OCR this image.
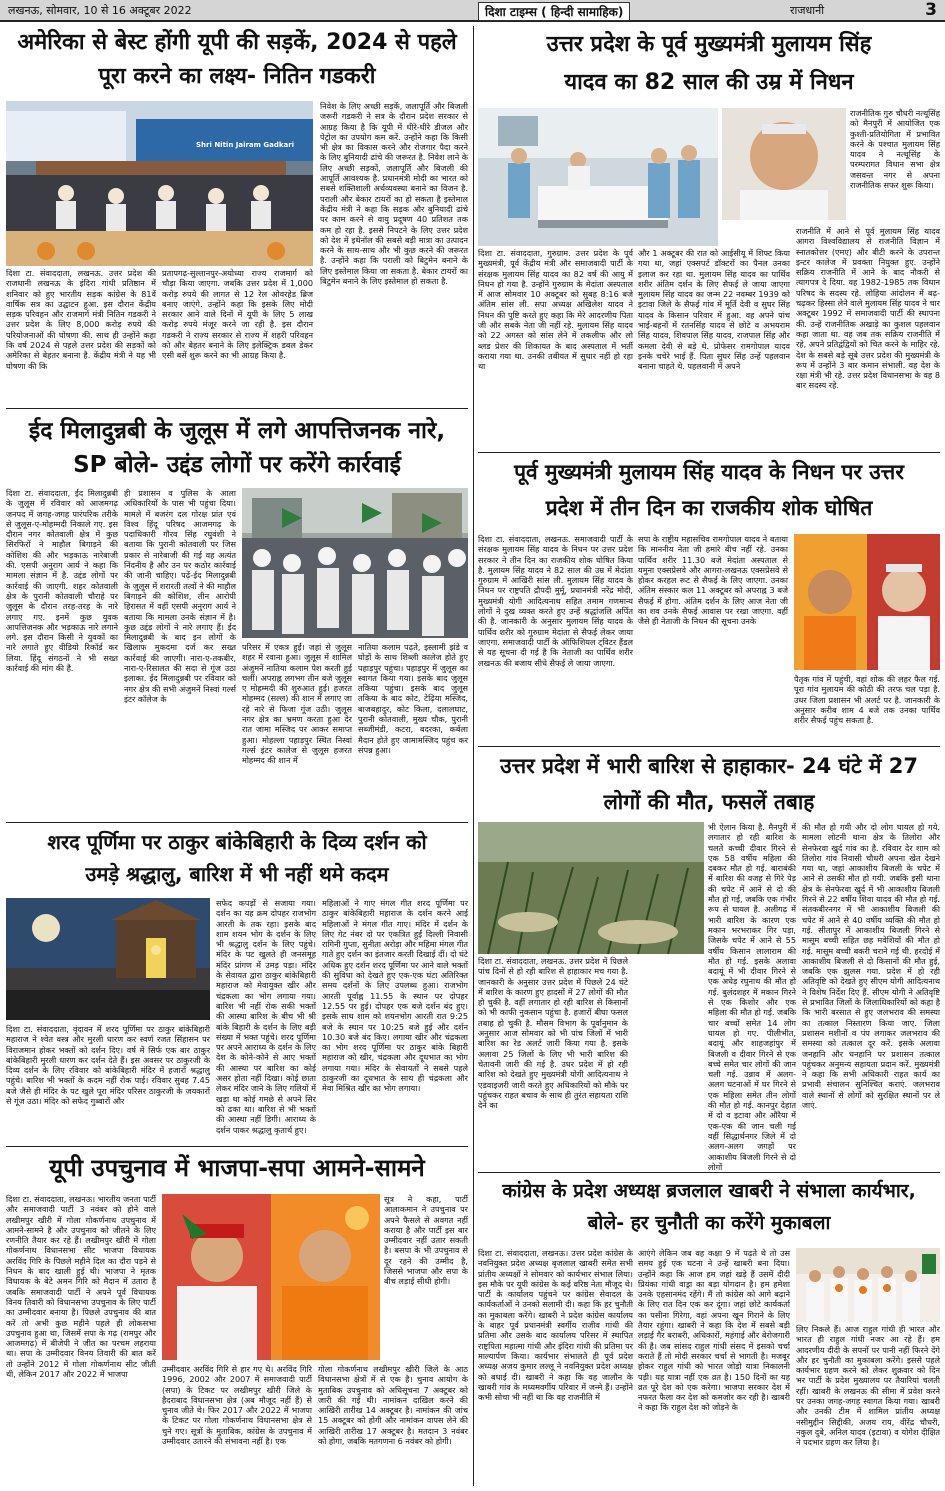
लखनऊ, सोमवार, 10 से 16 अक्टूबर 2022	दिशा टाइम्स ( हिन्दी सामाहिक)	राजधानी	3
अमेरिका से बेस्ट होंगी यूपी की सड़कें, 2024 से पहले
पूरा करने का लक्ष्य- नितिन गडकरी
Shri Nitin Jairam Gadkari
दिशा टा. संवाददाता, लखनऊ. उत्तर प्रदेश की राजधानी लखनऊ के इंदिरा गांधी प्रतिष्ठान में शनिवार को हुए भारतीय सड़क कांग्रेस के 81वें वार्षिक सत्र का उद्घाटन हुआ. इस दौरान केंद्रीय सड़क परिवहन और राजमार्ग मंत्री नितिन गडकरी ने उत्तर प्रदेश के लिए 8,000 करोड़ रुपये की परियोजनाओं की घोषणा की. साथ ही उन्होंने कहा कि वर्ष 2024 से पहले उत्तर प्रदेश की सड़कों को अमेरिका से बेहतर बनाना है. केंद्रीय मंत्री ने यह भी घोषणा की कि
प्रतापगढ़-सुल्तानपुर-अयोध्या राज्य राजमार्ग को चौड़ा किया जाएगा. जबकि उत्तर प्रदेश में 1,000 करोड़ रुपये की लागत से 12 रेल ओवरहेड ब्रिज बनाए जाएंगे. उन्होंने कहा कि इसके लिए मोदी सरकार आने वाले दिनों में यूपी के लिए 5 लाख करोड़ रुपये मंजूर करने जा रही है. इस दौरान गडकरी ने राज्य सरकार से राज्य में शहरी परिवहन को और बेहतर बनाने के लिए इलेक्ट्रिक डबल डेकर एसी बसें शुरू करने का भी आग्रह किया है.
निवेश के लिए अच्छी सड़कें, जलापूर्ति और बिजली जरूरी गडकरी ने सत्र के दौरान प्रदेश सरकार से आग्रह किया है कि यूपी में धीरे-धीरे डीजल और पेट्रोल का उपयोग कम करें. उन्होंने कहा कि किसी भी क्षेत्र का विकास करने और रोजगार पैदा करने के लिए बुनियादी ढांचे की जरूरत है. निवेश लाने के लिए अच्छी सड़कों, जलापूर्ति और बिजली की आपूर्ति आवश्यक है. प्रधानमंत्री मोदी का भारत को सबसे शक्तिशाली अर्थव्यवस्था बनाने का विजन है. पराली और बेकार टायरों का हो सकता है इस्तेमाल केंद्रीय मंत्री ने कहा कि सड़क और बुनियादी ढांचे पर काम करने से वायु प्रदूषण 40 प्रतिशत तक कम हो रहा है. इससे निपटने के लिए उत्तर प्रदेश को देश में इथेनॉल की सबसे बड़ी मात्रा का उत्पादन करने के साथ-साथ और भी कुछ करने की जरूरत है. उन्होंने कहा कि पराली को बिटुमेन बनाने के लिए इस्तेमाल किया जा सकता है. बेकार टायरों का बिटुमेन बनाने के लिए इस्तेमाल हो सकता है.
ईद मिलादुन्नबी के जुलूस में लगे आपत्तिजनक नारे,
SP बोले- उद्दंड लोगों पर करेंगे कार्रवाई
दिशा टा. संवाददाता, ईद मिलादुन्नबी के जुलूस में रविवार को आजमगढ़ जनपद में जगह-जगह पारंपरिक तरीके से जुलूस-ए-मोहम्मदी निकाले गए. इस दौरान नगर कोतवाली क्षेत्र में कुछ सिरफिरों ने माहौल बिगाड़ने की कोशिश की और भड़काऊ नारेबाजी की. एसपी अनुराग आर्य ने कहा कि मामला संज्ञान में है. उद्दंड लोगों पर कार्रवाई की जाएगी. शहर कोतवाली क्षेत्र के पुरानी कोतवाली चौराहे पर जुलूस के दौरान तरह-तरह के नारे लगाए गए. इनमें कुछ युवक आपत्तिजनक और भड़काऊ नारे लगाने लगे. इस दौरान किसी ने युवकों का नारे लगाते हुए वीडियो रिकॉर्ड कर लिया. हिंदू संगठनों ने भी सख्त कार्रवाई की मांग की है.
ही प्रशासन व पुलिस के आला अधिकारियों के पास भी पहुंचा दिया। मामले में बजरंग दल गोरक्ष प्रांत एवं विश्व हिंदू परिषद आजमगढ़ के पदाधिकारी गौरव सिंह रघुवंशी ने बताया कि पुरानी कोतवाली पर जिस प्रकार से नारेबाजी की गई वह अत्यंत निंदनीय है और उन पर कठोर कार्रवाई की जानी चाहिए। पढ़ें-ईद मिलादुन्नबी के जुलूस में शरारती तत्वों ने की माहौल बिगाड़ने की कोशिश, तीन आरोपी हिरासत में वहीं एसपी अनुराग आर्य ने बताया कि मामला उनके संज्ञान में है। कुछ उद्दंड लोगों ने नारे लगाए हैं। ईद मिलादुन्नबी के बाद इन लोगों के खिलाफ मुकदमा दर्ज कर सख्त कार्रवाई की जाएगी। नारा-ए-तकबीर, नारा-ए-रिसालत की सदा से गूंज उठा इलाका. ईद मिलादुन्नबी पर रविवार को नगर क्षेत्र की सभी अंजुमनें निस्वां गर्ल्स इंटर कॉलेज के
परिसर में एकत्र हुईं। जहां से जुलूस शहर में रवाना हुआ। जुलूस में शामिल अंजुमनें नातिया कलाम पेश करती हुई चलीं। अपराह्न लगभग तीन बजे जुलूस ए मोहम्मदी की शुरुआत हुई। हजरत मोहम्मद (सल्ल) की शान में लगाए जा रहे नारे से फिजा गूंज उठी। जुलूस नगर क्षेत्र का भ्रमण करता हुआ देर रात जामा मस्जिद पर आकर समाप्त हुआ। मोहल्ला पहाड़पुर स्थित निस्वां गर्ल्स इंटर कालेज से जुलूस हजरत मोहम्मद की शान में
नातिया कलाम पढ़ते, इस्लामी झंडे व घोड़ों के साथ शिब्ली कालेज होते हुए पहाड़पुर पहुंचा। पहाड़पुर में जुलूस का स्वागत किया गया। इसके बाद जुलूस तकिया पहुंचा। इसके बाद जुलूस तकिया के बाद कोट, टेढ़िया मस्जिद, बाजबहादुर, कोट किला, दलालघाट, पुरानी कोतवाली, मुख्य चौक, पुरानी सब्जीमंडी, कटरा, बदरका, कर्बला मैदान होते हुए जामामस्जिद पहुंच कर संपन्न हुआ।
शरद पूर्णिमा पर ठाकुर बांकेबिहारी के दिव्य दर्शन को
उमड़े श्रद्धालु, बारिश में भी नहीं थमे कदम
दिशा टा. संवाददाता, वृंदावन में शरद पूर्णिमा पर ठाकुर बांकेबिहारी महाराज ने श्वेत वस्त्र और मुरली धारण कर स्वर्ण रजत सिंहासन पर विराजमान होकर भक्तों को दर्शन दिए। वर्ष में सिर्फ एक बार ठाकुर बांकेबिहारी मुरली धारण कर दर्शन देते हैं। इस अवसर पर ठाकुरजी के दिव्य दर्शन के लिए रविवार को बांकेबिहारी मंदिर में हजारों श्रद्धालु पहुंचे। बारिश भी भक्तों के कदम नहीं रोक पाई। रविवार सुबह 7.45 बजे जैसे ही मंदिर के पट खुले पूरा मंदिर परिसर ठाकुरजी के जयकारों से गूंज उठा। मंदिर को सफेद गुब्बारों और
सफेद कपड़ों से सजाया गया। दर्शन का यह क्रम दोपहर राजभोग आरती के तक रहा। इसके बाद शाम शयन भोग के दर्शन के लिए भी श्रद्धालु दर्शन के लिए पहुंचे। मंदिर के पट खुलते ही जनसमूह मंदिर प्रांगण में उमड़ पड़ा। मंदिर के सेवायत द्वारा ठाकुर बांकेबिहारी महाराज को मेवायुक्त खीर और चंद्रकला का भोग लगाया गया। बारिश भी नहीं रोक सकी भक्तों की आस्था बारिश के बीच भी श्री बांके बिहारी के दर्शन के लिए बड़ी संख्या में भक्त पहुंचे। शरद पूर्णिमा पर अपने आराध्य के दर्शन के लिए देश के कोने-कोने से आए भक्तों की आस्था पर बारिश का कोई असर होता नहीं दिखा। कोई छाता लेकर मंदिर जाने के लिए गलियों में खड़ा था कोई गमछे से अपने सिर को ढका था। बारिश से भी भक्तों की आस्था नहीं डिगी। आराध्य के दर्शन पाकर श्रद्धालु कृतार्थ हुए।
महिलाओं ने गाए मंगल गीत शरद पूर्णिमा पर ठाकुर बांकेबिहारी महाराज के दर्शन करने आई महिलाओं ने मंगल गीत गाए। मंदिर में दर्शन के लिए गेट नंबर दो पर एकत्रित हुईं दिल्ली निवासी रागिनी गुप्ता, सुनीता अरोड़ा और महिमा मंगल गीत गाते हुए दर्शन का इंतजार करती दिखाई दीं। दो घंटे अधिक हुए दर्शन शरद पूर्णिमा पर आने वाले भक्तों की सुविधा को देखते हुए एक-एक घंटा अतिरिक्त समय दर्शनों के लिए उपलब्ध हुआ। राजभोग आरती पूर्वाह्न 11.55 के स्थान पर दोपहर 12.55 पर हुई। दोपहर एक बजे दर्शन बंद हुए। इसके साथ शाम को शयनभोग आरती रात 9:25 बजे के स्थान पर 10:25 बजे हुई और दर्शन 10.30 बजे बंद किए। लगाया खीर और चंद्रकला का भोग शरद पूर्णिमा पर ठाकुर बांके बिहारी महाराज को खीर, चंद्रकला और दूधभात का भोग लगाया गया। मंदिर के सेवायतों ने सबसे पहले ठाकुरजी का दूधभात के साथ ही चंद्रकला और मेवा मिश्रित खीर का भोग लगाया।
यूपी उपचुनाव में भाजपा-सपा आमने-सामने
दिशा टा. संवाददाता, लखनऊ। भारतीय जनता पार्टी और समाजवादी पार्टी 3 नवंबर को होने वाले लखीमपुर खीरी में गोला गोकर्णनाथ उपचुनाव में आमने-सामने है और उपचुनाव को जीतने के लिए रणनीति तैयार कर रहे हैं। लखीमपुर खीरी में गोला गोकर्णनाथ विधानसभा सीट भाजपा विधायक अरविंद गिरि के पिछले महीने दिल का दौरा पड़ने से निधन के बाद खाली हुई थी। भाजपा ने मृतक विधायक के बेटे अमन गिरि को मैदान में उतारा है जबकि समाजवादी पार्टी ने अपने पूर्व विधायक विनय तिवारी को विधानसभा उपचुनाव के लिए पार्टी का उम्मीदवार बनाया है। पिछले उपचुनाव की बात करें तो अभी कुछ महीने पहले ही लोकसभा उपचुनाव हुआ था, जिसमें सपा के गढ़ (रामपुर और आजमगढ़) में बीजेपी ने जीत का परचम लहराया था। सपा के उम्मीदवार विनय तिवारी की बात करें तो उन्होंने 2012 में गोला गोकर्णनाथ सीट जीती थी, लेकिन 2017 और 2022 में भाजपा
उम्मीदवार अरविंद गिरि से हार गए थे। अरविंद गिरि 1996, 2002 और 2007 में समाजवादी पार्टी (सपा) के टिकट पर लखीमपुर खीरी जिले के हैदराबाद विधानसभा क्षेत्र (अब मौजूद नहीं हैं) से चुनाव जीते थे। फिर 2017 और 2022 में भाजपा के टिकट पर गोला गोकर्णनाथ विधानसभा क्षेत्र से चुने गए। सूत्रों के मुताबिक, कांग्रेस के उपचुनाव में उम्मीदवार उतारने की संभावना नहीं है। एक
सूत्र ने कहा, पार्टी आलाकमान ने उपचुनाव पर अपने फैसले से अवगत नहीं कराया है और पार्टी इस बार उम्मीदवार नहीं उतार सकती है। बसपा के भी उपचुनाव से दूर रहने की उम्मीद है, जिससे भाजपा और सपा के बीच लड़ाई सीधी होगी।
गोला गोकर्णनाथ लखीमपुर खीरी जिले के आठ विधानसभा क्षेत्रों में से एक है। चुनाव आयोग के मुताबिक उपचुनाव को अधिसूचना 7 अक्टूबर को जारी की गई थी। नामांकन दाखिल करने की आखिरी तारीख 14 अक्टूबर है। नामांकन की जांच 15 अक्टूबर को होगी और नामांकन वापस लेने की आखिरी तारीख 17 अक्टूबर है। मतदान 3 नवंबर को होगा, जबकि मतगणना 6 नवंबर को होगी।
उत्तर प्रदेश के पूर्व मुख्यमंत्री मुलायम सिंह
यादव का 82 साल की उम्र में निधन
राजनीतिक गुरु चौधरी नत्थूसिंह को मैनपुरी में आयोजित एक कुश्ती-प्रतियोगिता में प्रभावित करने के पश्चात मुलायम सिंह यादव ने नत्थूसिंह के परम्परागत विधान सभा क्षेत्र जसवन्त नगर से अपना राजनीतिक सफर शुरू किया।
दिशा टा. संवाददाता, गुरुग्राम. उत्तर प्रदेश के पूर्व मुख्यमंत्री, पूर्व केंद्रीय मंत्री और समाजवादी पार्टी के संरक्षक मुलायम सिंह यादव का 82 वर्ष की आयु में निधन हो गया है. उन्होंने गुरुग्राम के मेदांता अस्पताल में आज सोमवार 10 अक्टूबर को सुबह 8:16 बजे अंतिम सांस ली. सपा अध्यक्ष अखिलेश यादव ने निधन की पुष्टि करते हुए कहा कि मेरे आदरणीय पिता जी और सबके नेता जी नहीं रहे. मुलायम सिंह यादव को 22 अगस्त को सांस लेने में तकलीफ और लो ब्लड प्रेशर की शिकायत के बाद अस्पताल में भर्ती कराया गया था. उनकी तबीयत में सुधार नहीं हो रहा था
और 1 अक्टूबर की रात को आईसीयू में शिफ्ट किया गया था, जहां एक्सपर्ट डॉक्टरों का पैनल उनका इलाज कर रहा था. मुलायम सिंह यादव का पार्थिव शरीर अंतिम दर्शन के लिए सैफई ले जाया जाएगा मुलायम सिंह यादव का जन्म 22 नवम्बर 1939 को इटावा जिले के सैफई गांव में मूर्ति देवी व सुघर सिंह यादव के किसान परिवार में हुआ. वह अपने पांच भाई-बहनों में रतनसिंह यादव से छोटे व अभयराम सिंह यादव, शिवपाल सिंह यादव, राजपाल सिंह और कमला देवी से बड़े थे. प्रोफेसर रामगोपाल यादव इनके चचेरे भाई हैं. पिता सुघर सिंह उन्हें पहलवान बनाना चाहते थे. पहलवानी में अपने
राजनीति में आने से पूर्व मुलायम सिंह यादव आगरा विश्वविद्यालय से राजनीति विज्ञान में स्नातकोत्तर (एमए) और बीटी करने के उपरान्त इन्टर कालेज में प्रवक्ता नियुक्त हुए. उन्होंने सक्रिय राजनीति में आने के बाद नौकरी से त्यागपत्र दे दिया. वह 1982-1985 तक विधान परिषद के सदस्य रहे. लोहिया आंदोलन में बढ़-चढ़कर हिस्सा लेने वाले मुलायम सिंह यादव ने चार अक्टूबर 1992 में समाजवादी पार्टी की स्थापना की. उन्हें राजनीतिक अखाड़े का कुशल पहलवान कहा जाता था. वह जब तक सक्रिय राजनीति में रहे, अपने प्रतिद्वंद्वियों को चित करने के माहिर रहे. देश के सबसे बड़े सूबे उत्तर प्रदेश की मुख्यमंत्री के रूप में उन्होंने 3 बार कमान संभाली. वह देश के रक्षा मंत्री भी रहे. उत्तर प्रदेश विधानसभा के वह 8 बार सदस्य रहे.
पूर्व मुख्यमंत्री मुलायम सिंह यादव के निधन पर उत्तर
प्रदेश में तीन दिन का राजकीय शोक घोषित
दिशा टा. संवाददाता, लखनऊ. समाजवादी पार्टी के संरक्षक मुलायम सिंह यादव के निधन पर उत्तर प्रदेश सरकार ने तीन दिन का राजकीय शोक घोषित किया है. मुलायम सिंह यादव ने 82 साल की उम्र में मेदांता गुरुग्राम में आखिरी सांस ली. मुलायम सिंह यादव के निधन पर राष्ट्रपति द्रौपदी मुर्मू, प्रधानमंत्री नरेंद्र मोदी, मुख्यमंत्री योगी आदित्यनाथ सहित तमाम गणमान्य लोगों ने दुख व्यक्त करते हुए उन्हें श्रद्धांजलि अर्पित की है. जानकारी के अनुसार मुलायम सिंह यादव के पार्थिव शरीर को गुरुग्राम मेदांता से सैफई लेकर जाया जाएगा. समाजवादी पार्टी के ऑफिशियल ट्विटर हैंडल से यह सूचना दी गई है कि नेताजी का पार्थिव शरीर लखनऊ की बजाय सीधे सैफई ले जाया जाएगा.
सपा के राष्ट्रीय महासचिव रामगोपाल यादव ने बताया कि माननीय नेता जी हमारे बीच नहीं रहे. उनका पार्थिव शरीर 11.30 बजे मेदांता अस्पताल से यमुना एक्सप्रेसवे और आगरा-लखनऊ एक्सप्रेसवे से होकर करहल रूट से सैफई के लिए जाएगा. उनका अंतिम संस्कार कल 11 अक्टूबर को अपराह्न 3 बजे सैफई में होगा. अंतिम दर्शन के लिए आज नेता जी का शव उनके सैफई आवास पर रखा जाएगा. वहीं जैसे ही नेताजी के निधन की सूचना उनके
पैतृक गांव में पहुंची, वहां शोक की लहर फैल गई. पूरा गांव मुलायम की कोठी की तरफ चल पड़ा है. उधर जिला प्रशासन भी अलर्ट पर है. जानकारी के अनुसार करीब शाम 4 बजे तक उनका पार्थिव शरीर सैफई पहुंच सकता है.
उत्तर प्रदेश में भारी बारिश से हाहाकार- 24 घंटे में 27
लोगों की मौत, फसलें तबाह
दिशा टा. संवाददाता, लखनऊ. उत्तर प्रदेश में पिछले पांच दिनों से हो रही बारिश से हाहाकार मच गया है. जानकारी के अनुसार उत्तर प्रदेश में पिछले 24 घंटे में बारिश के कारण हुए हादसों में 27 लोगों की मौत हो चुकी है. वहीं लगातार हो रही बारिश से किसानों को भी काफी नुकसान पहुंचा है. हजारों बीघा फसल तबाह हो चुकी है. मौसम विभाग के पूर्वानुमान के अनुसार आज सोमवार को भी पांच जिलों में भारी बारिश का रेड अलर्ट जारी किया गया है. इसके अलावा 25 जिलों के लिए भी भारी बारिश की चेतावनी जारी की गई है. उधर प्रदेश में हो रही बारिश को देखते हुए मुख्यमंत्री योगी आदित्यनाथ ने एडवाइजरी जारी करते हुए अधिकारियों को मौके पर पहुंचकर राहत बचाव के साथ ही तुरंत सहायता राशि देने का
भी ऐलान किया है. मैनपुरी में लगातार हो रही बारिश के चलते कच्ची दीवार गिरने से एक 58 वर्षीय महिला की दबकर मौत हो गई. बाराबंकी में बारिश की वजह से गिरे पेड़ की चपेट में आने से दो की मौत हो गई, जबकि एक गंभीर रूप से घायल है. अलीगढ़ में भारी बारिश के कारण एक मकान भरभराकर गिर पड़ा, जिसके चपेट में आने से 55 वर्षीय किसान लालाराम की मौत हो गई. इसके अलावा बदायूं में भी दीवार गिरने से एक अधेड़ रघुनाथ की मौत हो गई. बुलंदशहर में मकान गिरने से एक किशोर और एक महिला की मौत हो गई. जबकि चार बच्चों समेत 14 लोग घायल हो गए. पीलीभीत, बदायूं और शाहजहांपुर में बिजली व दीवार गिरने से एक बच्चे समेत चार लोगों की जान चली गई. उन्नाव में अलग-अलग घटनाओं में घर गिरने से एक महिला समेत तीन लोगों की मौत हो गई. कानपुर देहात में दो व इटावा और औरैया में एक-एक की जान चली गई वहीं सिद्धार्थनगर जिले में दो अलग-अलग जगहों पर आकाशीय बिजली गिरने से दो लोगों
की मौत हो गयी और दो लोग घायल हो गये. मामला लोटनी थाना क्षेत्र के तिलोरा और सेनफेरवा खुर्द गांव का है. रविवार देर शाम को तिलोरा गांव निवासी चौधरी अपना खेत देखने गया था, जहां आकाशीय बिजली के चपेट में आने से उसकी मौत हो गयी. जबकि इसी थाना क्षेत्र के सेनफेरवा खुर्द में भी आकाशीय बिजली गिरने से 22 वर्षीय शिवा यादव की मौत हो गई. संतकबीरनगर में भी आकाशीय बिजली की चपेट में आने से 40 वर्षीय व्यक्ति की मौत हो गई. सीतापुर में आकाशीय बिजली गिरने से मासूम बच्ची सहित छह मवेशियों की मौत हो गई. मासूम बच्ची बकरी चराने गई थी. हरदोई में आकाशीय बिजली से दो किसानों की मौत हुई, जबकि एक झुलस गया. प्रदेश में हो रही अतिवृष्टि को देखते हुए सीएम योगी आदित्यनाथ ने विशेष निर्देश दिए हैं. सीएम योगी ने अतिवृष्टि से प्रभावित जिलों के जिलाधिकारियों को कहा है कि भारी बरसात से हुए जलभराव की समस्या का तत्काल निस्तारण किया जाए. जिला प्रशासन मशीनों व पंप लगाकर जलभराव की समस्या को तत्काल दूर करें. इसके अलावा जनहानि और धनहानि पर प्रशासन तत्काल पहुंचकर अनुमन्य सहायता प्रदान करें. मुख्यमंत्री ने कहा कि सभी अधिकारी राहत कार्य का प्रभावी संचालन सुनिश्चित कराएं. जलभराव वाले स्थानों से लोगों को सुरक्षित स्थानों पर ले जाएं.
कांग्रेस के प्रदेश अध्यक्ष ब्रजलाल खाबरी ने संभाला कार्यभार,
बोले- हर चुनौती का करेंगे मुकाबला
दिशा टा. संवाददाता, लखनऊ। उत्तर प्रदेश कांग्रेस के नवनियुक्त प्रदेश अध्यक्ष बृजलाल खाबरी समेत सभी प्रांतीय अध्यक्षों ने सोमवार को कार्यभार संभाल लिया। इस मौके पर यूपी कांग्रेस के कई वरिष्ठ नेता मौजूद थे। पार्टी के कार्यालय पहुंचने पर कांग्रेस सेवादल के कार्यकर्ताओं ने उनको सलामी दी। कहा कि हर चुनौती का मुकाबला करेंगे। खाबरी ने प्रदेश कांग्रेस कार्यालय के बाहर पूर्व प्रधानमंत्री स्वर्गीय राजीव गांधी की प्रतिमा और उसके बाद कार्यालय परिसर में स्थापित राष्ट्रपिता महात्मा गांधी और इंदिरा गांधी की प्रतिमा पर माल्यार्पण किया। कार्यभार संभालते ही पूर्व प्रदेश अध्यक्ष अजय कुमार लल्लू ने नवनियुक्त प्रदेश अध्यक्ष को बधाई दी। खाबरी ने कहा कि वह जालौन के खाबरी गांव के मध्यमवर्गीय परिवार में जन्मे हैं। उन्होंने कभी सोचा भी नहीं था कि वह राजनीति में
आएंगे लेकिन जब वह कक्षा 9 में पढ़ते थे तो उस समय हुई एक घटना ने उन्हें खाबरी बना दिया। उन्होंने कहा कि आज हम जहां खड़े हैं उसमें दीदी प्रियंका गांधी वाड्रा का बड़ा योगदान है। हम हमेशा उनके एहसानमंद रहेंगे। मैं तो कांग्रेस को आगे बढ़ाने के लिए रात दिन एक कर दूंगा। जहां छोटे कार्यकर्ता का पसीना गिरेगा, वहां अपना खून गिराने के लिए तैयार रहूंगा। खाबरी ने कहा कि देश में सबसे बड़ी लड़ाई गैर बराबरी, अधिकारों, महंगाई और बेरोजगारी की है। जब सांसद राहुल गांधी संसद में इसको चर्चा कराते हैं तो मोदी सरकार चर्चा से भागती है। मजबूर होकर राहुल गांधी को भारत जोड़ो यात्रा निकालनी पड़ी। यह यात्रा नहीं एक व्रत है। 150 दिनों का यह व्रत पूरे देश को एक करेगा। भाजपा सरकार देश में नफरत फैला कर देश को कमजोर कर रही है। खाबरी ने कहा कि राहुल देश को जोड़ने के
लिए निकले हैं। आज राहुल गांधी ही भारत और भारत ही राहुल गांधी नजर आ रहे हैं। हम आदरणीय दीदी के सपनों पर पानी नहीं फिरने देंगे और हर चुनौती का मुकाबला करेंगे। इससे पहले कार्यभार ग्रहण करने को लेकर शुक्रवार को दिन भर पार्टी के प्रदेश मुख्यालय पर तैयारियां चलती रहीं। खाबरी के लखनऊ की सीमा में प्रवेश करने पर उनका जगह-जगह स्वागत किया गया। खाबरी और उनकी टीम में शामिल प्रांतीय अध्यक्ष नसीमुद्दीन सिद्दीकी, अजय राय, वीरेंद्र चौधरी, नकुल दुबे, अनिल यादव (इटावा) व योगेश दीक्षित ने पदभार ग्रहण कर लिया है।
